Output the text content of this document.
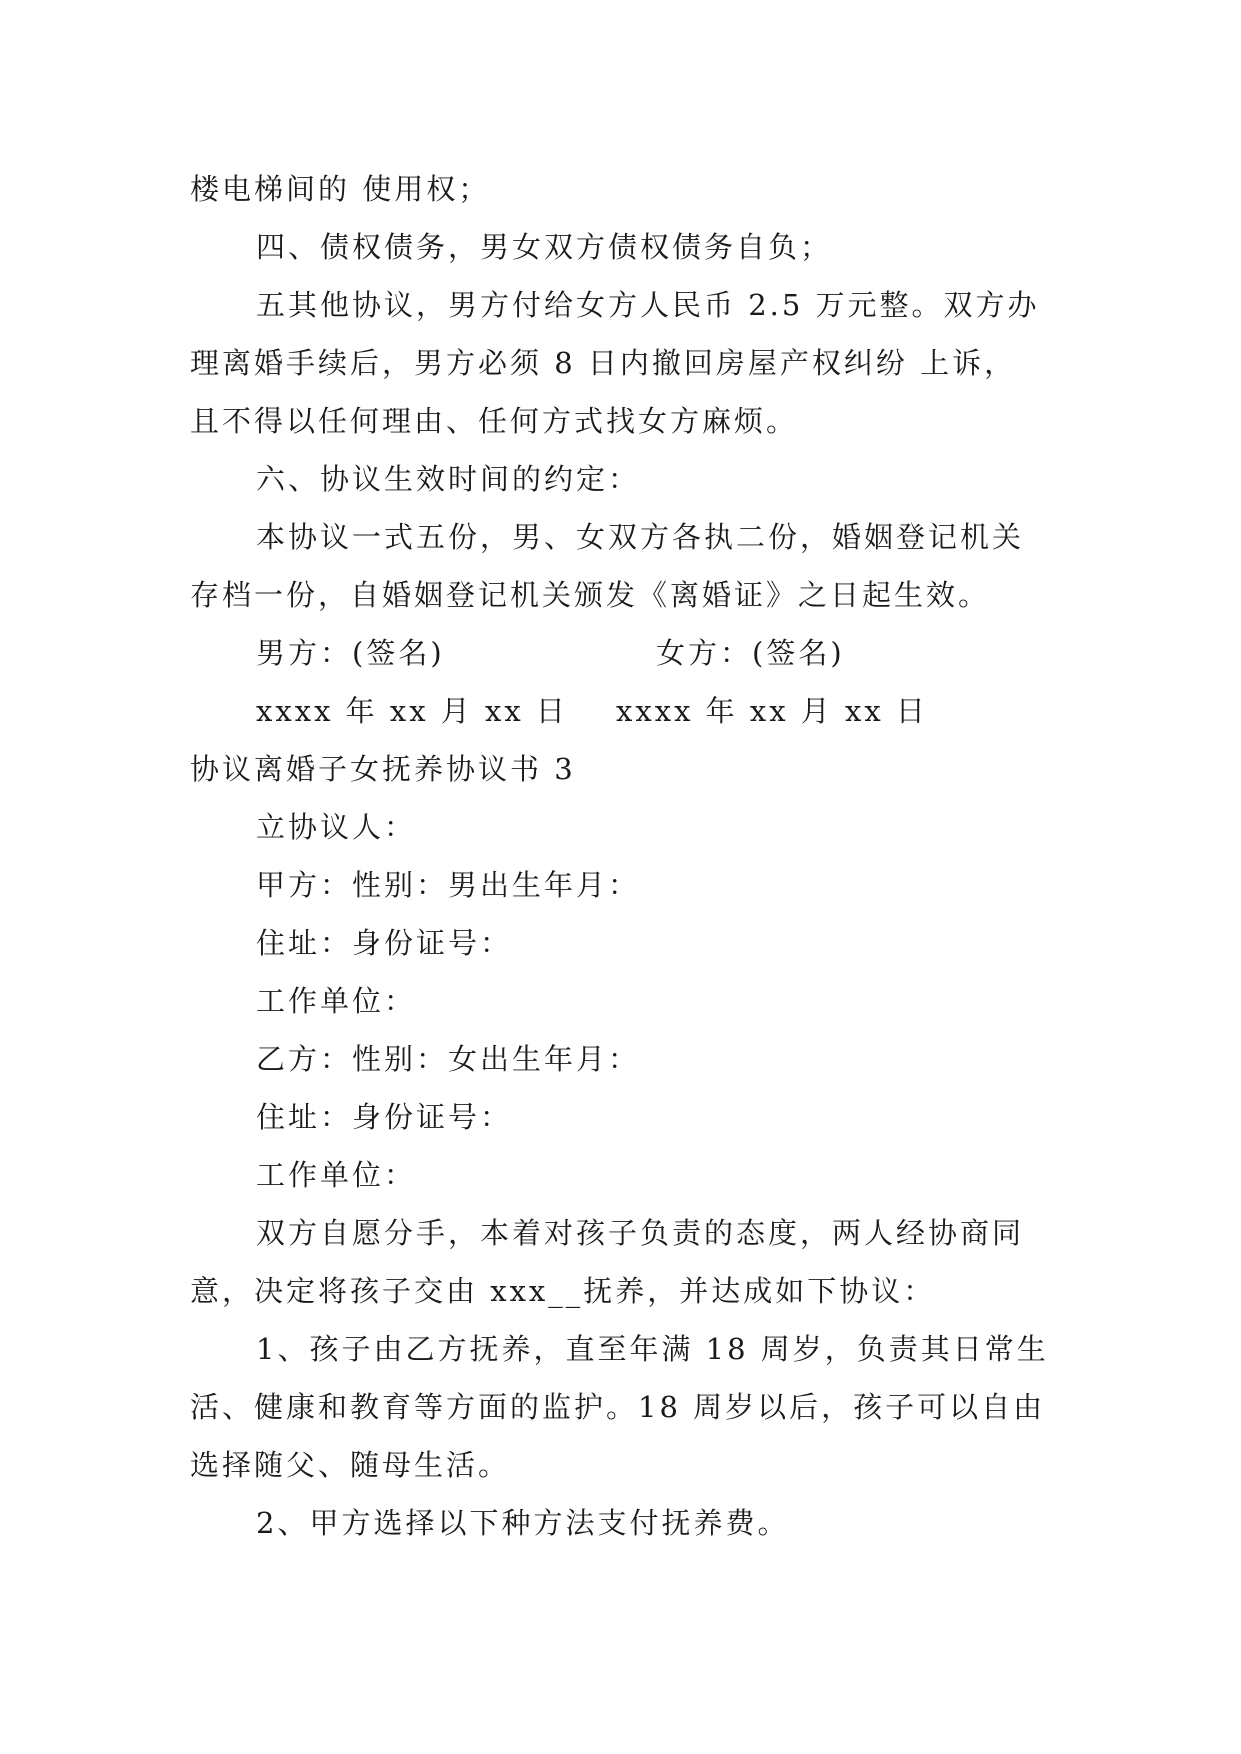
楼电梯间的 使用权；
四、债权债务，男女双方债权债务自负；
五其他协议，男方付给女方人民币 2.5 万元整。双方办
理离婚手续后，男方必须 8 日内撤回房屋产权纠纷 上诉，
且不得以任何理由、任何方式找女方麻烦。
六、协议生效时间的约定：
本协议一式五份，男、女双方各执二份，婚姻登记机关
存档一份，自婚姻登记机关颁发《离婚证》之日起生效。

男方：(签名)

	女方：(签名)

xxxx 年 xx 月 xx 日

xxxx 年 xx 月 xx 日

协议离婚子女抚养协议书 3
立协议人：
甲方：性别：男出生年月：
住址：身份证号：
工作单位：
乙方：性别：女出生年月：
住址：身份证号：
工作单位：
双方自愿分手，本着对孩子负责的态度，两人经协商同
意，决定将孩子交由 xxx__抚养，并达成如下协议：
1、孩子由乙方抚养，直至年满 18 周岁，负责其日常生
活、健康和教育等方面的监护。18 周岁以后，孩子可以自由
选择随父、随母生活。
2、甲方选择以下种方法支付抚养费。
